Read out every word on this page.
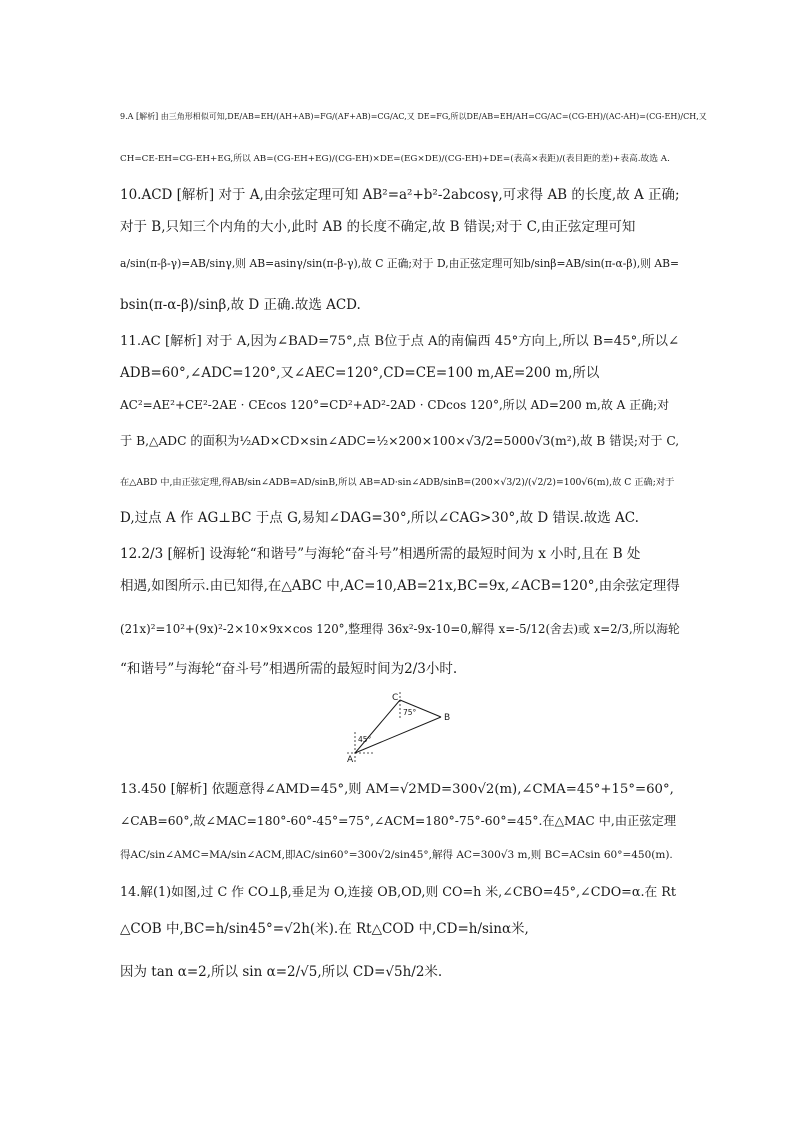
9.A [解析] 由三角形相似可知,DE/AB=EH/(AH+AB)=FG/(AF+AB)=CG/AC,又 DE=FG,所以DE/AB=EH/AH=CG/AC=(CG-EH)/(AC-AH)=(CG-EH)/CH,又
CH=CE-EH=CG-EH+EG,所以 AB=(CG-EH+EG)/(CG-EH)×DE=(EG×DE)/(CG-EH)+DE=(表高×表距)/(表目距的差)+表高.故选 A.
10.ACD [解析] 对于 A,由余弦定理可知 AB²=a²+b²-2abcosγ,可求得 AB 的长度,故 A 正确;
对于 B,只知三个内角的大小,此时 AB 的长度不确定,故 B 错误;对于 C,由正弦定理可知
a/sin(π-β-γ)=AB/sinγ,则 AB=asinγ/sin(π-β-γ),故 C 正确;对于 D,由正弦定理可知b/sinβ=AB/sin(π-α-β),则 AB=
bsin(π-α-β)/sinβ,故 D 正确.故选 ACD.
11.AC [解析] 对于 A,因为∠BAD=75°,点 B位于点 A的南偏西 45°方向上,所以 B=45°,所以∠
ADB=60°,∠ADC=120°,又∠AEC=120°,CD=CE=100 m,AE=200 m,所以
AC²=AE²+CE²-2AE · CEcos 120°=CD²+AD²-2AD · CDcos 120°,所以 AD=200 m,故 A 正确;对
于 B,△ADC 的面积为½AD×CD×sin∠ADC=½×200×100×√3/2=5000√3(m²),故 B 错误;对于 C,
在△ABD 中,由正弦定理,得AB/sin∠ADB=AD/sinB,所以 AB=AD·sin∠ADB/sinB=(200×√3/2)/(√2/2)=100√6(m),故 C 正确;对于
D,过点 A 作 AG⊥BC 于点 G,易知∠DAG=30°,所以∠CAG>30°,故 D 错误.故选 AC.
12.2/3 [解析] 设海轮“和谐号”与海轮“奋斗号”相遇所需的最短时间为 x 小时,且在 B 处
相遇,如图所示.由已知得,在△ABC 中,AC=10,AB=21x,BC=9x,∠ACB=120°,由余弦定理得
(21x)²=10²+(9x)²-2×10×9x×cos 120°,整理得 36x²-9x-10=0,解得 x=-5/12(舍去)或 x=2/3,所以海轮
“和谐号”与海轮“奋斗号”相遇所需的最短时间为2/3小时.
C
B
A
75°
45°
13.450 [解析] 依题意得∠AMD=45°,则 AM=√2MD=300√2(m),∠CMA=45°+15°=60°,
∠CAB=60°,故∠MAC=180°-60°-45°=75°,∠ACM=180°-75°-60°=45°.在△MAC 中,由正弦定理
得AC/sin∠AMC=MA/sin∠ACM,即AC/sin60°=300√2/sin45°,解得 AC=300√3 m,则 BC=ACsin 60°=450(m).
14.解(1)如图,过 C 作 CO⊥β,垂足为 O,连接 OB,OD,则 CO=h 米,∠CBO=45°,∠CDO=α.在 Rt
△COB 中,BC=h/sin45°=√2h(米).在 Rt△COD 中,CD=h/sinα米,
因为 tan α=2,所以 sin α=2/√5,所以 CD=√5h/2米.
